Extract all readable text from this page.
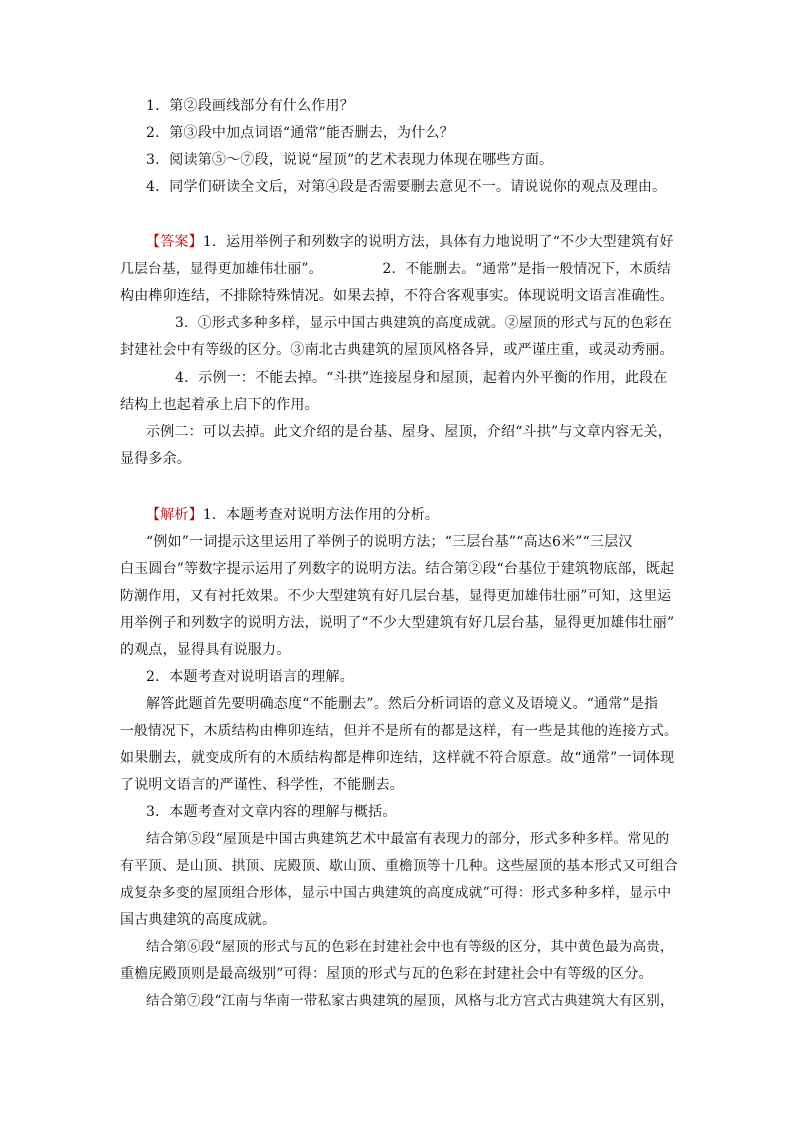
1．第②段画线部分有什么作用？
2．第③段中加点词语“通常”能否删去，为什么？
3．阅读第⑤～⑦段，说说“屋顶”的艺术表现力体现在哪些方面。
4．同学们研读全文后，对第④段是否需要删去意见不一。请说说你的观点及理由。
【答案】1．运用举例子和列数字的说明方法，具体有力地说明了“不少大型建筑有好
几层台基，显得更加雄伟壮丽”。	2．不能删去。“通常”是指一般情况下，木质结
构由榫卯连结，不排除特殊情况。如果去掉，不符合客观事实。体现说明文语言准确性。
3．①形式多种多样，显示中国古典建筑的高度成就。②屋顶的形式与瓦的色彩在
封建社会中有等级的区分。③南北古典建筑的屋顶风格各异，或严谨庄重，或灵动秀丽。
4．示例一：不能去掉。“斗拱”连接屋身和屋顶，起着内外平衡的作用，此段在
结构上也起着承上启下的作用。
示例二：可以去掉。此文介绍的是台基、屋身、屋顶，介绍“斗拱”与文章内容无关，
显得多余。
【解析】1．本题考查对说明方法作用的分析。
“例如”一词提示这里运用了举例子的说明方法；“三层台基”“高达6米”“三层汉
白玉圆台”等数字提示运用了列数字的说明方法。结合第②段“台基位于建筑物底部，既起
防潮作用，又有衬托效果。不少大型建筑有好几层台基，显得更加雄伟壮丽”可知，这里运
用举例子和列数字的说明方法，说明了“不少大型建筑有好几层台基，显得更加雄伟壮丽”
的观点，显得具有说服力。
2．本题考查对说明语言的理解。
解答此题首先要明确态度“不能删去”。然后分析词语的意义及语境义。“通常”是指
一般情况下，木质结构由榫卯连结，但并不是所有的都是这样，有一些是其他的连接方式。
如果删去，就变成所有的木质结构都是榫卯连结，这样就不符合原意。故“通常”一词体现
了说明文语言的严谨性、科学性，不能删去。
3．本题考查对文章内容的理解与概括。
结合第⑤段“屋顶是中国古典建筑艺术中最富有表现力的部分，形式多种多样。常见的
有平顶、是山顶、拱顶、庑殿顶、歇山顶、重檐顶等十几种。这些屋顶的基本形式又可组合
成复杂多变的屋顶组合形体，显示中国古典建筑的高度成就”可得：形式多种多样，显示中
国古典建筑的高度成就。
结合第⑥段“屋顶的形式与瓦的色彩在封建社会中也有等级的区分，其中黄色最为高贵，
重檐庑殿顶则是最高级别”可得：屋顶的形式与瓦的色彩在封建社会中有等级的区分。
结合第⑦段“江南与华南一带私家古典建筑的屋顶，风格与北方宫式古典建筑大有区别，
